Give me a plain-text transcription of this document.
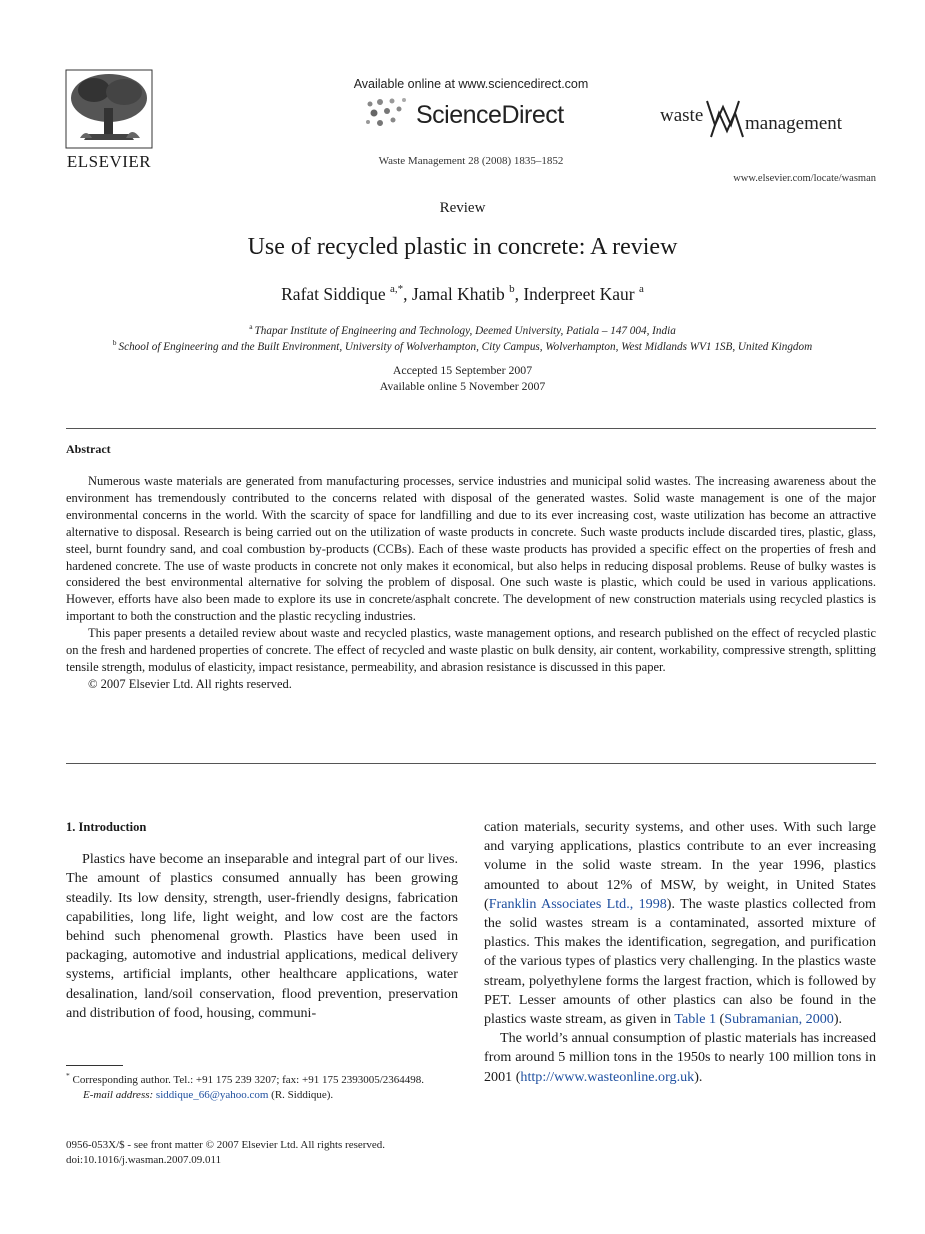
ELSEVIER
Available online at www.sciencedirect.com
ScienceDirect
Waste Management 28 (2008) 1835–1852
waste management
www.elsevier.com/locate/wasman
Review
Use of recycled plastic in concrete: A review
Rafat Siddique $^{a,*}$, Jamal Khatib $^b$, Inderpreet Kaur $^a$
$^a$ Thapar Institute of Engineering and Technology, Deemed University, Patiala – 147 004, India
$^b$ School of Engineering and the Built Environment, University of Wolverhampton, City Campus, Wolverhampton, West Midlands WV1 1SB, United Kingdom
Accepted 15 September 2007
Available online 5 November 2007
Abstract

Numerous waste materials are generated from manufacturing processes, service industries and municipal solid wastes. The increasing awareness about the environment has tremendously contributed to the concerns related with disposal of the generated wastes. Solid waste management is one of the major environmental concerns in the world. With the scarcity of space for landfilling and due to its ever increasing cost, waste utilization has become an attractive alternative to disposal. Research is being carried out on the utilization of waste products in concrete. Such waste products include discarded tires, plastic, glass, steel, burnt foundry sand, and coal combustion by-products (CCBs). Each of these waste products has provided a specific effect on the properties of fresh and hardened concrete. The use of waste products in concrete not only makes it economical, but also helps in reducing disposal problems. Reuse of bulky wastes is considered the best environmental alternative for solving the problem of disposal. One such waste is plastic, which could be used in various applications. However, efforts have also been made to explore its use in concrete/asphalt concrete. The development of new construction materials using recycled plastics is important to both the construction and the plastic recycling industries.

This paper presents a detailed review about waste and recycled plastics, waste management options, and research published on the effect of recycled plastic on the fresh and hardened properties of concrete. The effect of recycled and waste plastic on bulk density, air content, workability, compressive strength, splitting tensile strength, modulus of elasticity, impact resistance, permeability, and abrasion resistance is discussed in this paper.

© 2007 Elsevier Ltd. All rights reserved.

1. Introduction

Plastics have become an inseparable and integral part of our lives. The amount of plastics consumed annually has been growing steadily. Its low density, strength, user-friendly designs, fabrication capabilities, long life, light weight, and low cost are the factors behind such phenomenal growth. Plastics have been used in packaging, automotive and industrial applications, medical delivery systems, artificial implants, other healthcare applications, water desalination, land/soil conservation, flood prevention, preservation and distribution of food, housing, communi-

cation materials, security systems, and other uses. With such large and varying applications, plastics contribute to an ever increasing volume in the solid waste stream. In the year 1996, plastics amounted to about 12% of MSW, by weight, in United States (Franklin Associates Ltd., 1998). The waste plastics collected from the solid wastes stream is a contaminated, assorted mixture of plastics. This makes the identification, segregation, and purification of the various types of plastics very challenging. In the plastics waste stream, polyethylene forms the largest fraction, which is followed by PET. Lesser amounts of other plastics can also be found in the plastics waste stream, as given in Table 1 (Subramanian, 2000).

The world’s annual consumption of plastic materials has increased from around 5 million tons in the 1950s to nearly 100 million tons in 2001 (http://www.wasteonline.org.uk).

* Corresponding author. Tel.: +91 175 239 3207; fax: +91 175 2393005/2364498.
E-mail address: siddique_66@yahoo.com (R. Siddique).
0956-053X/$ - see front matter © 2007 Elsevier Ltd. All rights reserved.
doi:10.1016/j.wasman.2007.09.011
